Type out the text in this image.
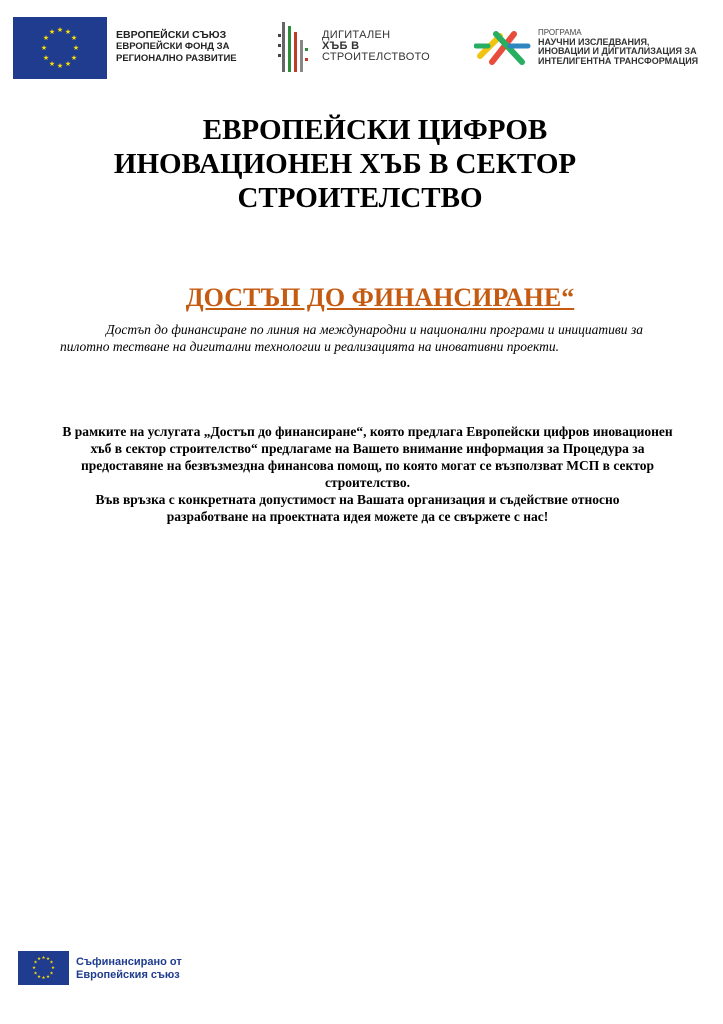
★ ★
★
★
★
★
★
★
★
★
★
★	ЕВРОПЕЙСКИ СЪЮЗ
ЕВРОПЕЙСКИ ФОНД ЗА
РЕГИОНАЛНО РАЗВИТИЕ
ДИГИТАЛЕН
ХЪБ В
СТРОИТЕЛСТВОТО
ПРОГРАМА
НАУЧНИ ИЗСЛЕДВАНИЯ,
ИНОВАЦИИ И ДИГИТАЛИЗАЦИЯ ЗА
ИНТЕЛИГЕНТНА ТРАНСФОРМАЦИЯ
ЕВРОПЕЙСКИ ЦИФРОВ
ИНОВАЦИОНЕН ХЪБ В СЕКТОР
СТРОИТЕЛСТВО
ДОСТЪП ДО ФИНАНСИРАНЕ“
Достъп до финансиране по линия на международни и национални програми и инициативи за пилотно тестване на дигитални технологии и реализацията на иновативни проекти.

В рамките на услугата „Достъп до финансиране“, която предлага Европейски цифров иновационен хъб в сектор строителство“ предлагаме на Вашето внимание информация за Процедура за предоставяне на безвъзмездна финансова помощ, по която могат се възползват МСП в сектор строителство.

Във връзка с конкретната допустимост на Вашата организация и съдействие относно разработване на проектната идея можете да се свържете с нас!

★ ★
★
★
★
★
★
★
★
★
★
★	Съфинансирано от
Европейския съюз
